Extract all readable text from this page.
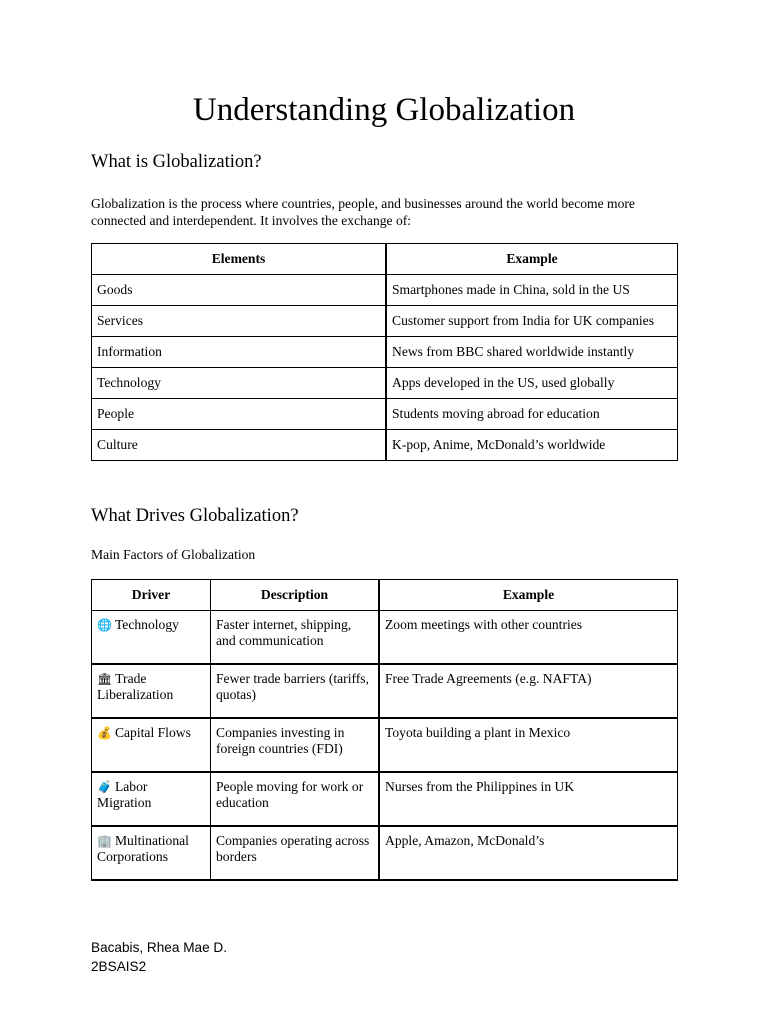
Understanding Globalization
What is Globalization?

Globalization is the process where countries, people, and businesses around the world become more connected and interdependent. It involves the exchange of:

Elements	Example
Goods	Smartphones made in China, sold in the US
Services	Customer support from India for UK companies
Information	News from BBC shared worldwide instantly
Technology	Apps developed in the US, used globally
People	Students moving abroad for education
Culture	K-pop, Anime, McDonald’s worldwide
What Drives Globalization?

Main Factors of Globalization

Driver	Description	Example
🌐 Technology	Faster internet, shipping, and communication	Zoom meetings with other countries
🏛 Trade Liberalization	Fewer trade barriers (tariffs, quotas)	Free Trade Agreements (e.g. NAFTA)
💰 Capital Flows	Companies investing in foreign countries (FDI)	Toyota building a plant in Mexico
🧳 Labor Migration	People moving for work or education	Nurses from the Philippines in UK
🏢 Multinational Corporations	Companies operating across borders	Apple, Amazon, McDonald’s
Bacabis, Rhea Mae D.
2BSAIS2
